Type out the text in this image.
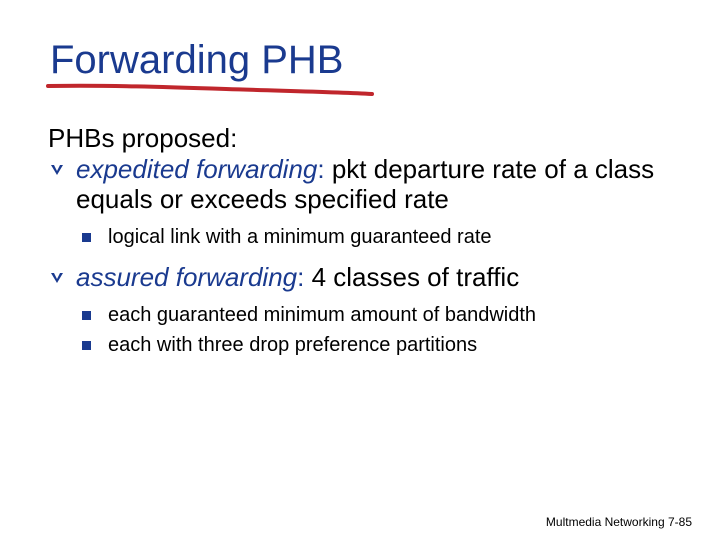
Forwarding PHB

PHBs proposed:

expedited forwarding: pkt departure rate of a class equals or exceeds specified rate
logical link with a minimum guaranteed rate
assured forwarding: 4 classes of traffic
each guaranteed minimum amount of bandwidth
each with three drop preference partitions
Multmedia Networking 7-85
